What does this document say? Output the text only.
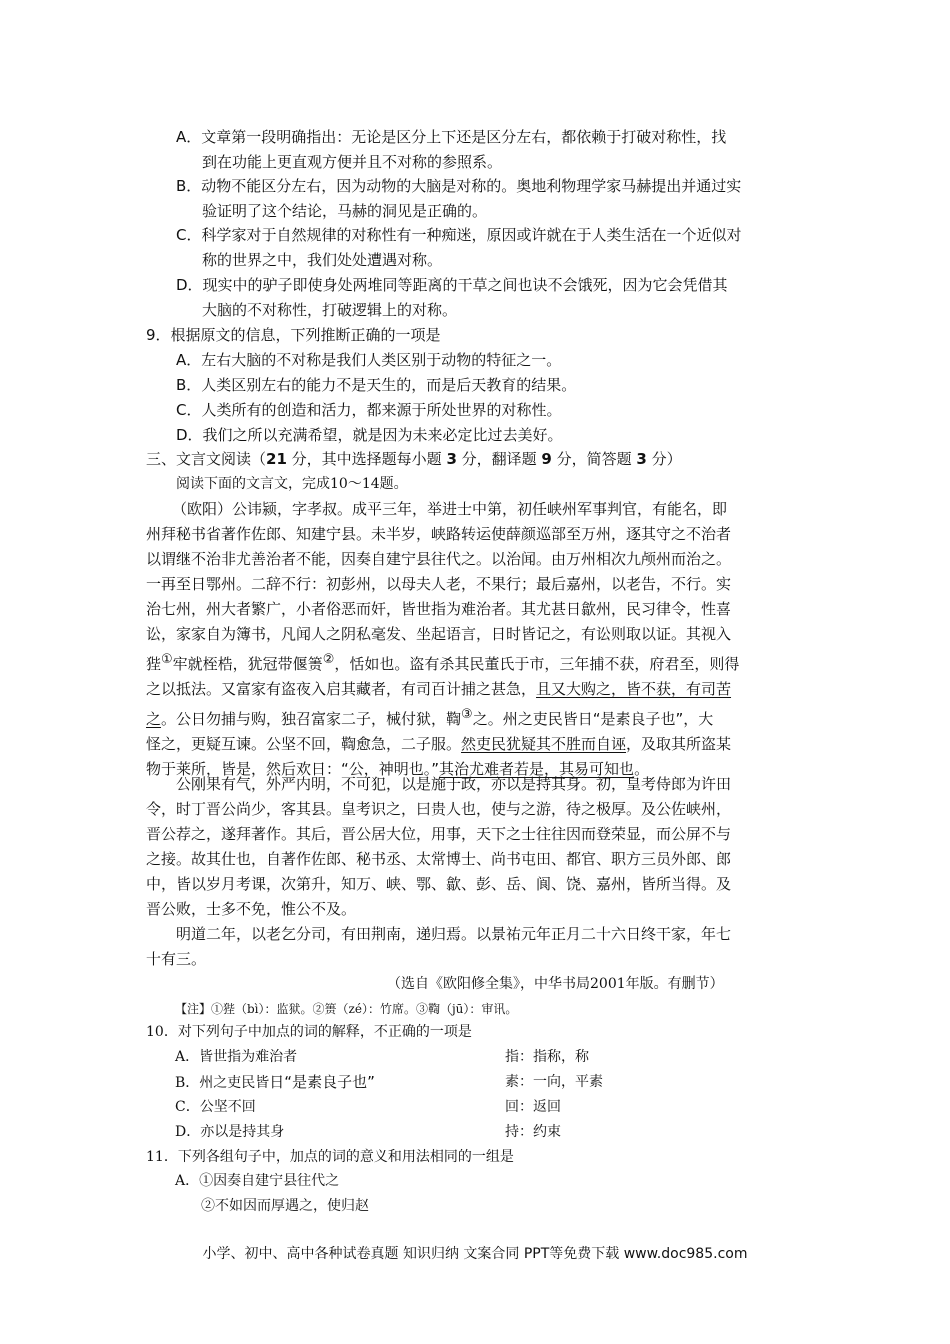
A．文章第一段明确指出：无论是区分上下还是区分左右，都依赖于打破对称性，找
到在功能上更直观方便并且不对称的参照系。
B．动物不能区分左右，因为动物的大脑是对称的。奥地利物理学家马赫提出并通过实
验证明了这个结论，马赫的洞见是正确的。
C．科学家对于自然规律的对称性有一种痴迷，原因或许就在于人类生活在一个近似对
称的世界之中，我们处处遭遇对称。
D．现实中的驴子即使身处两堆同等距离的干草之间也诀不会饿死，因为它会凭借其
大脑的不对称性，打破逻辑上的对称。
9．根据原文的信息，下列推断正确的一项是
A．左右大脑的不对称是我们人类区别于动物的特征之一。
B．人类区别左右的能力不是天生的，而是后天教育的结果。
C．人类所有的创造和活力，都来源于所处世界的对称性。
D．我们之所以充满希望，就是因为未来必定比过去美好。
三、文言文阅读（21 分，其中选择题每小题 3 分，翻译题 9 分，简答题 3 分）
阅读下面的文言文，完成10～14题。
（欧阳）公讳颍，字孝叔。成平三年，举进士中第，初任峡州军事判官，有能名，即
州拜秘书省著作佐郎、知建宁县。未半岁，峡路转运使薛颜巡部至万州，逐其守之不治者
以谓继不治非尤善治者不能，因奏自建宁县往代之。以治闻。由万州相次九颅州而治之。
一再至日鄂州。二辞不行：初彭州，以母夫人老，不果行；最后嘉州，以老告，不行。实
治七州，州大者繁广，小者俗恶而奸，皆世指为难治者。其尤甚日歙州，民习律令，性喜
讼，家家自为簿书，凡闻人之阴私毫发、坐起语言，日时皆记之，有讼则取以证。其视入
狴①牢就桎梏，犹冠带偃箦②，恬如也。盗有杀其民董氏于市，三年捕不获，府君至，则得
之以抵法。又富家有盗夜入启其藏者，有司百计捕之甚急，且又大购之，皆不获，有司苦
之。公日勿捕与购，独召富家二子，械付狱，鞫③之。州之吏民皆日“是素良子也”，大
怪之，更疑互谏。公坚不回，鞫愈急，二子服。然吏民犹疑其不胜而自诬，及取其所盗某
物于莱所，皆是，然后欢日：“公，神明也。”其治尤难者若是，其易可知也。
公刚果有气，外严内明，不可犯，以是施于政，亦以是持其身。初，皇考侍郎为许田
令，时丁晋公尚少，客其县。皇考识之，曰贵人也，使与之游，待之极厚。及公佐峡州，
晋公荐之，遂拜著作。其后，晋公居大位，用事，天下之士往往因而登荣显，而公屏不与
之接。故其仕也，自著作佐郎、秘书丞、太常博士、尚书屯田、都官、职方三员外郎、郎
中，皆以岁月考课，次第升，知万、峡、鄂、歙、彭、岳、阆、饶、嘉州，皆所当得。及
晋公败，士多不免，惟公不及。
明道二年，以老乞分司，有田荆南，递归焉。以景祐元年正月二十六日终干家，年七
十有三。
（选自《欧阳修全集》，中华书局2001年版。有删节）
【注】①狴（bì）：监狱。②篑（zé）：竹席。③鞫（jū）：审讯。
10．对下列句子中加点的词的解释，不正确的一项是
A．皆世指为难治者	指：指称，称
B．州之吏民皆日“是素良子也”	素：一向，平素
C．公坚不回	回：返回
D．亦以是持其身	持：约束
11．下列各组句子中，加点的词的意义和用法相同的一组是
A．①因奏自建宁县往代之
②不如因而厚遇之，使归赵
小学、初中、高中各种试卷真题 知识归纳 文案合同 PPT等免费下载 www.doc985.com
